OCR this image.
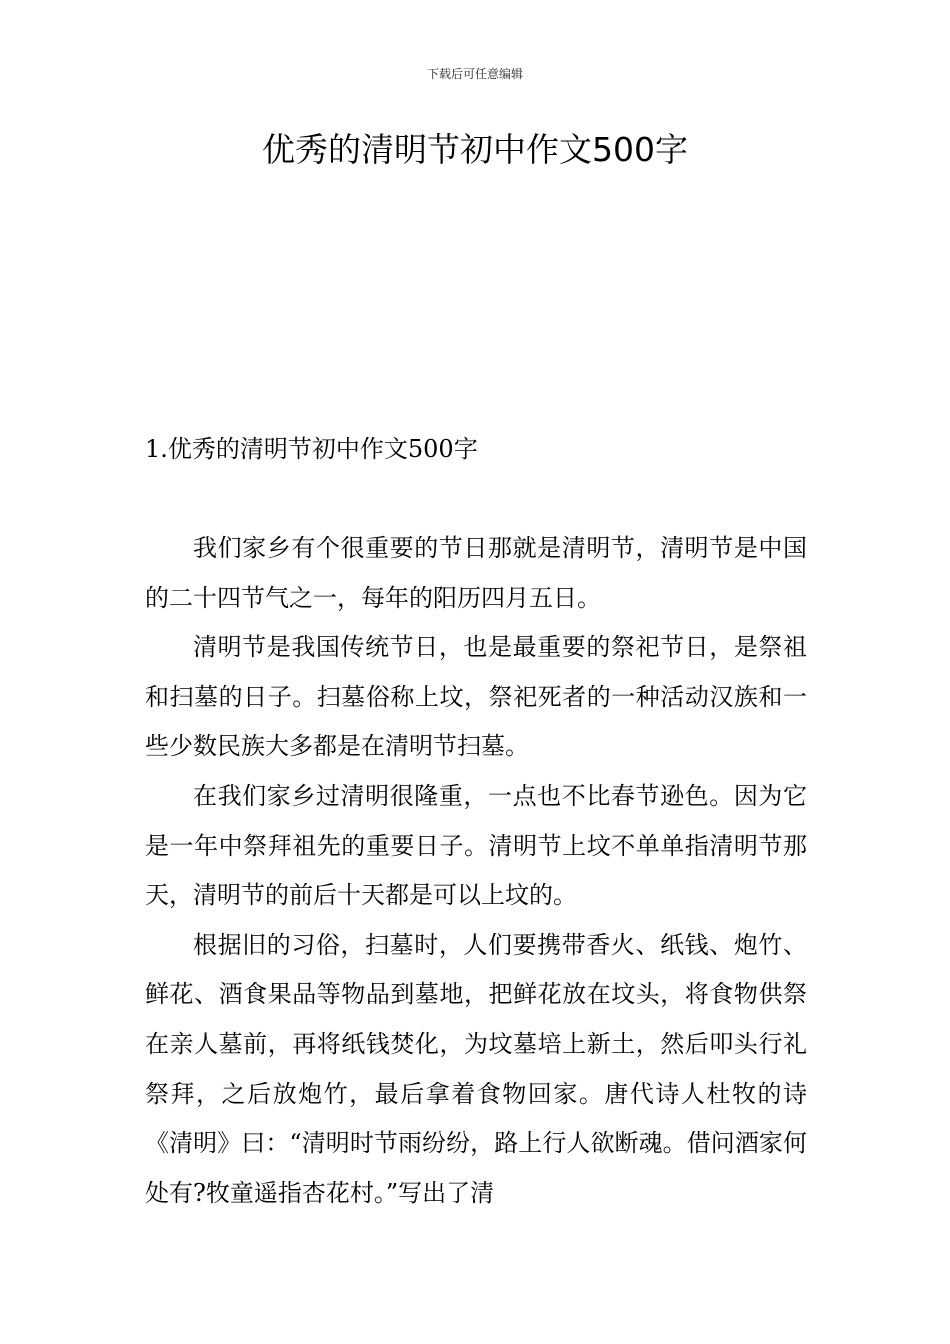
下载后可任意编辑
优秀的清明节初中作文500字
1.优秀的清明节初中作文500字

我们家乡有个很重要的节日那就是清明节，清明节是中国的二十四节气之一，每年的阳历四月五日。

清明节是我国传统节日，也是最重要的祭祀节日，是祭祖和扫墓的日子。扫墓俗称上坟，祭祀死者的一种活动汉族和一些少数民族大多都是在清明节扫墓。

在我们家乡过清明很隆重，一点也不比春节逊色。因为它是一年中祭拜祖先的重要日子。清明节上坟不单单指清明节那天，清明节的前后十天都是可以上坟的。

根据旧的习俗，扫墓时，人们要携带香火、纸钱、炮竹、鲜花、酒食果品等物品到墓地，把鲜花放在坟头，将食物供祭在亲人墓前，再将纸钱焚化，为坟墓培上新土，然后叩头行礼祭拜，之后放炮竹，最后拿着食物回家。唐代诗人杜牧的诗《清明》曰：“清明时节雨纷纷，路上行人欲断魂。借问酒家何处有?牧童遥指杏花村。”写出了清
